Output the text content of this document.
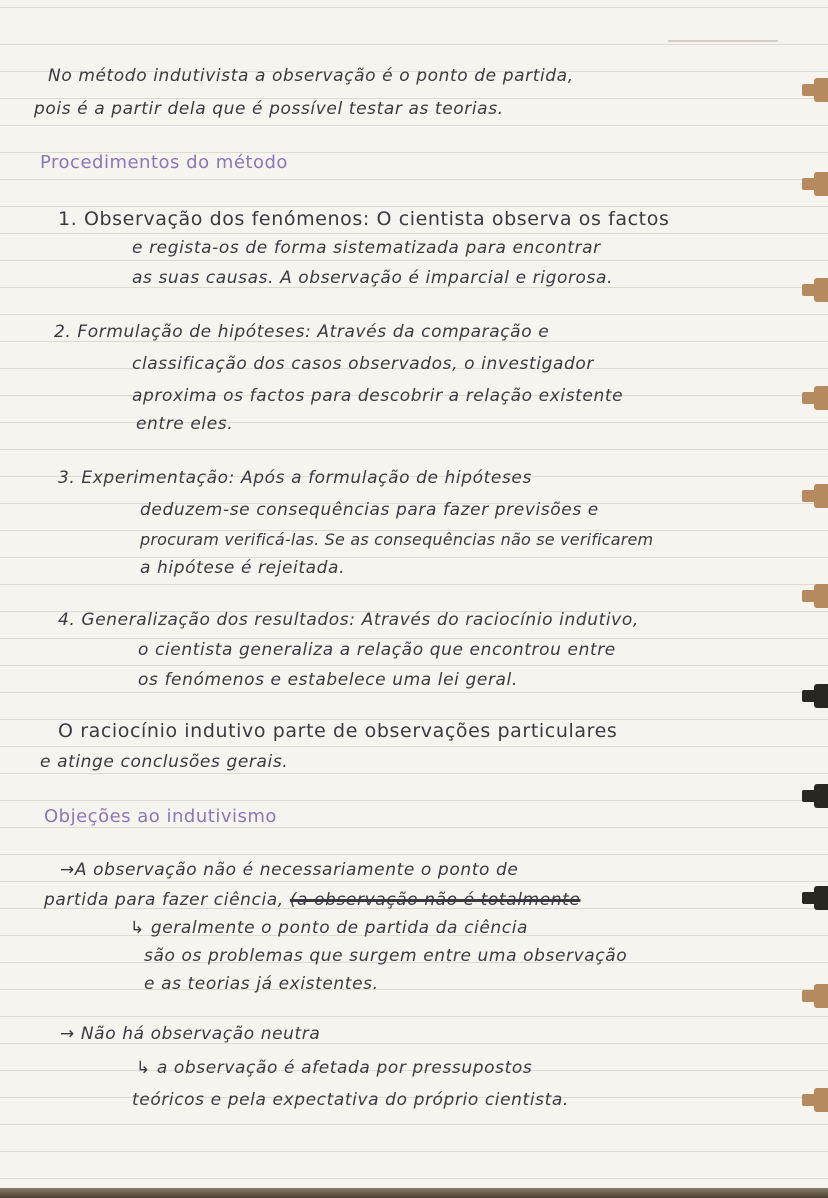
No método indutivista a observação é o ponto de partida,
pois é a partir dela que é possível testar as teorias.
Procedimentos do método
1. Observação dos fenómenos: O cientista observa os factos
e regista-os de forma sistematizada para encontrar
as suas causas. A observação é imparcial e rigorosa.
2. Formulação de hipóteses: Através da comparação e
classificação dos casos observados, o investigador
aproxima os factos para descobrir a relação existente
entre eles.
3. Experimentação: Após a formulação de hipóteses
deduzem-se consequências para fazer previsões e
procuram verificá-las. Se as consequências não se verificarem
a hipótese é rejeitada.
4. Generalização dos resultados: Através do raciocínio indutivo,
o cientista generaliza a relação que encontrou entre
os fenómenos e estabelece uma lei geral.
O raciocínio indutivo parte de observações particulares
e atinge conclusões gerais.
Objeções ao indutivismo
→A observação não é necessariamente o ponto de
partida para fazer ciência, (a observação não é totalmente
↳ geralmente o ponto de partida da ciência
são os problemas que surgem entre uma observação
e as teorias já existentes.
→ Não há observação neutra
↳ a observação é afetada por pressupostos
teóricos e pela expectativa do próprio cientista.
